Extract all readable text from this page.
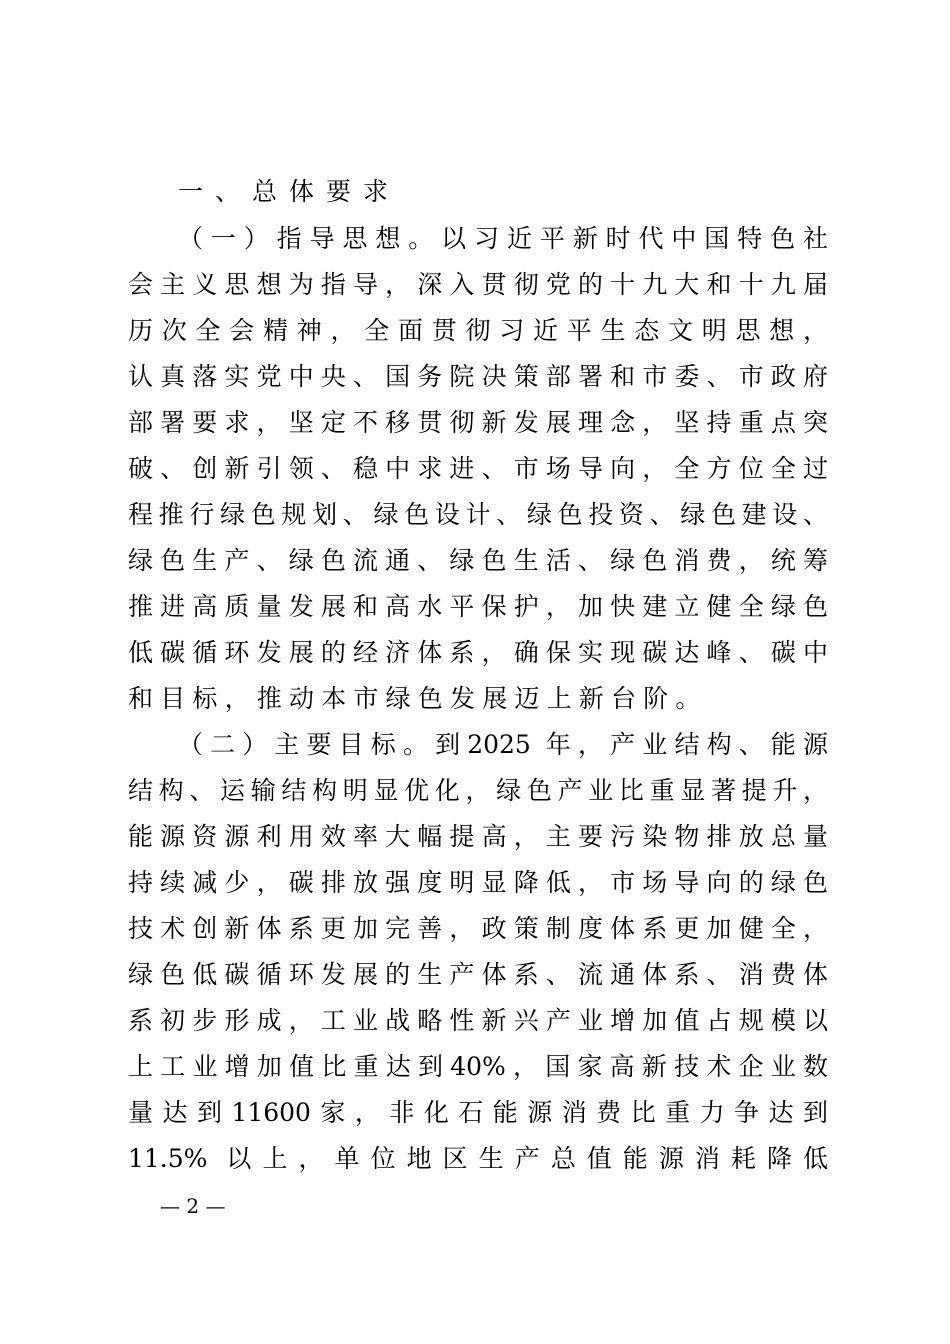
一、总体要求
（一）指导思想。以习近平新时代中国特色社
会主义思想为指导，深入贯彻党的十九大和十九届
历次全会精神，全面贯彻习近平生态文明思想，
认真落实党中央、国务院决策部署和市委、市政府
部署要求，坚定不移贯彻新发展理念，坚持重点突
破、创新引领、稳中求进、市场导向，全方位全过
程推行绿色规划、绿色设计、绿色投资、绿色建设、
绿色生产、绿色流通、绿色生活、绿色消费，统筹
推进高质量发展和高水平保护，加快建立健全绿色
低碳循环发展的经济体系，确保实现碳达峰、碳中
和目标，推动本市绿色发展迈上新台阶。
（二）主要目标。到2025 年，产业结构、能源
结构、运输结构明显优化，绿色产业比重显著提升，
能源资源利用效率大幅提高，主要污染物排放总量
持续减少，碳排放强度明显降低，市场导向的绿色
技术创新体系更加完善，政策制度体系更加健全，
绿色低碳循环发展的生产体系、流通体系、消费体
系初步形成，工业战略性新兴产业增加值占规模以
上工业增加值比重达到40%，国家高新技术企业数
量达到11600家，非化石能源消费比重力争达到
11.5% 以上，单位地区生产总值能源消耗降低
— 2 —
